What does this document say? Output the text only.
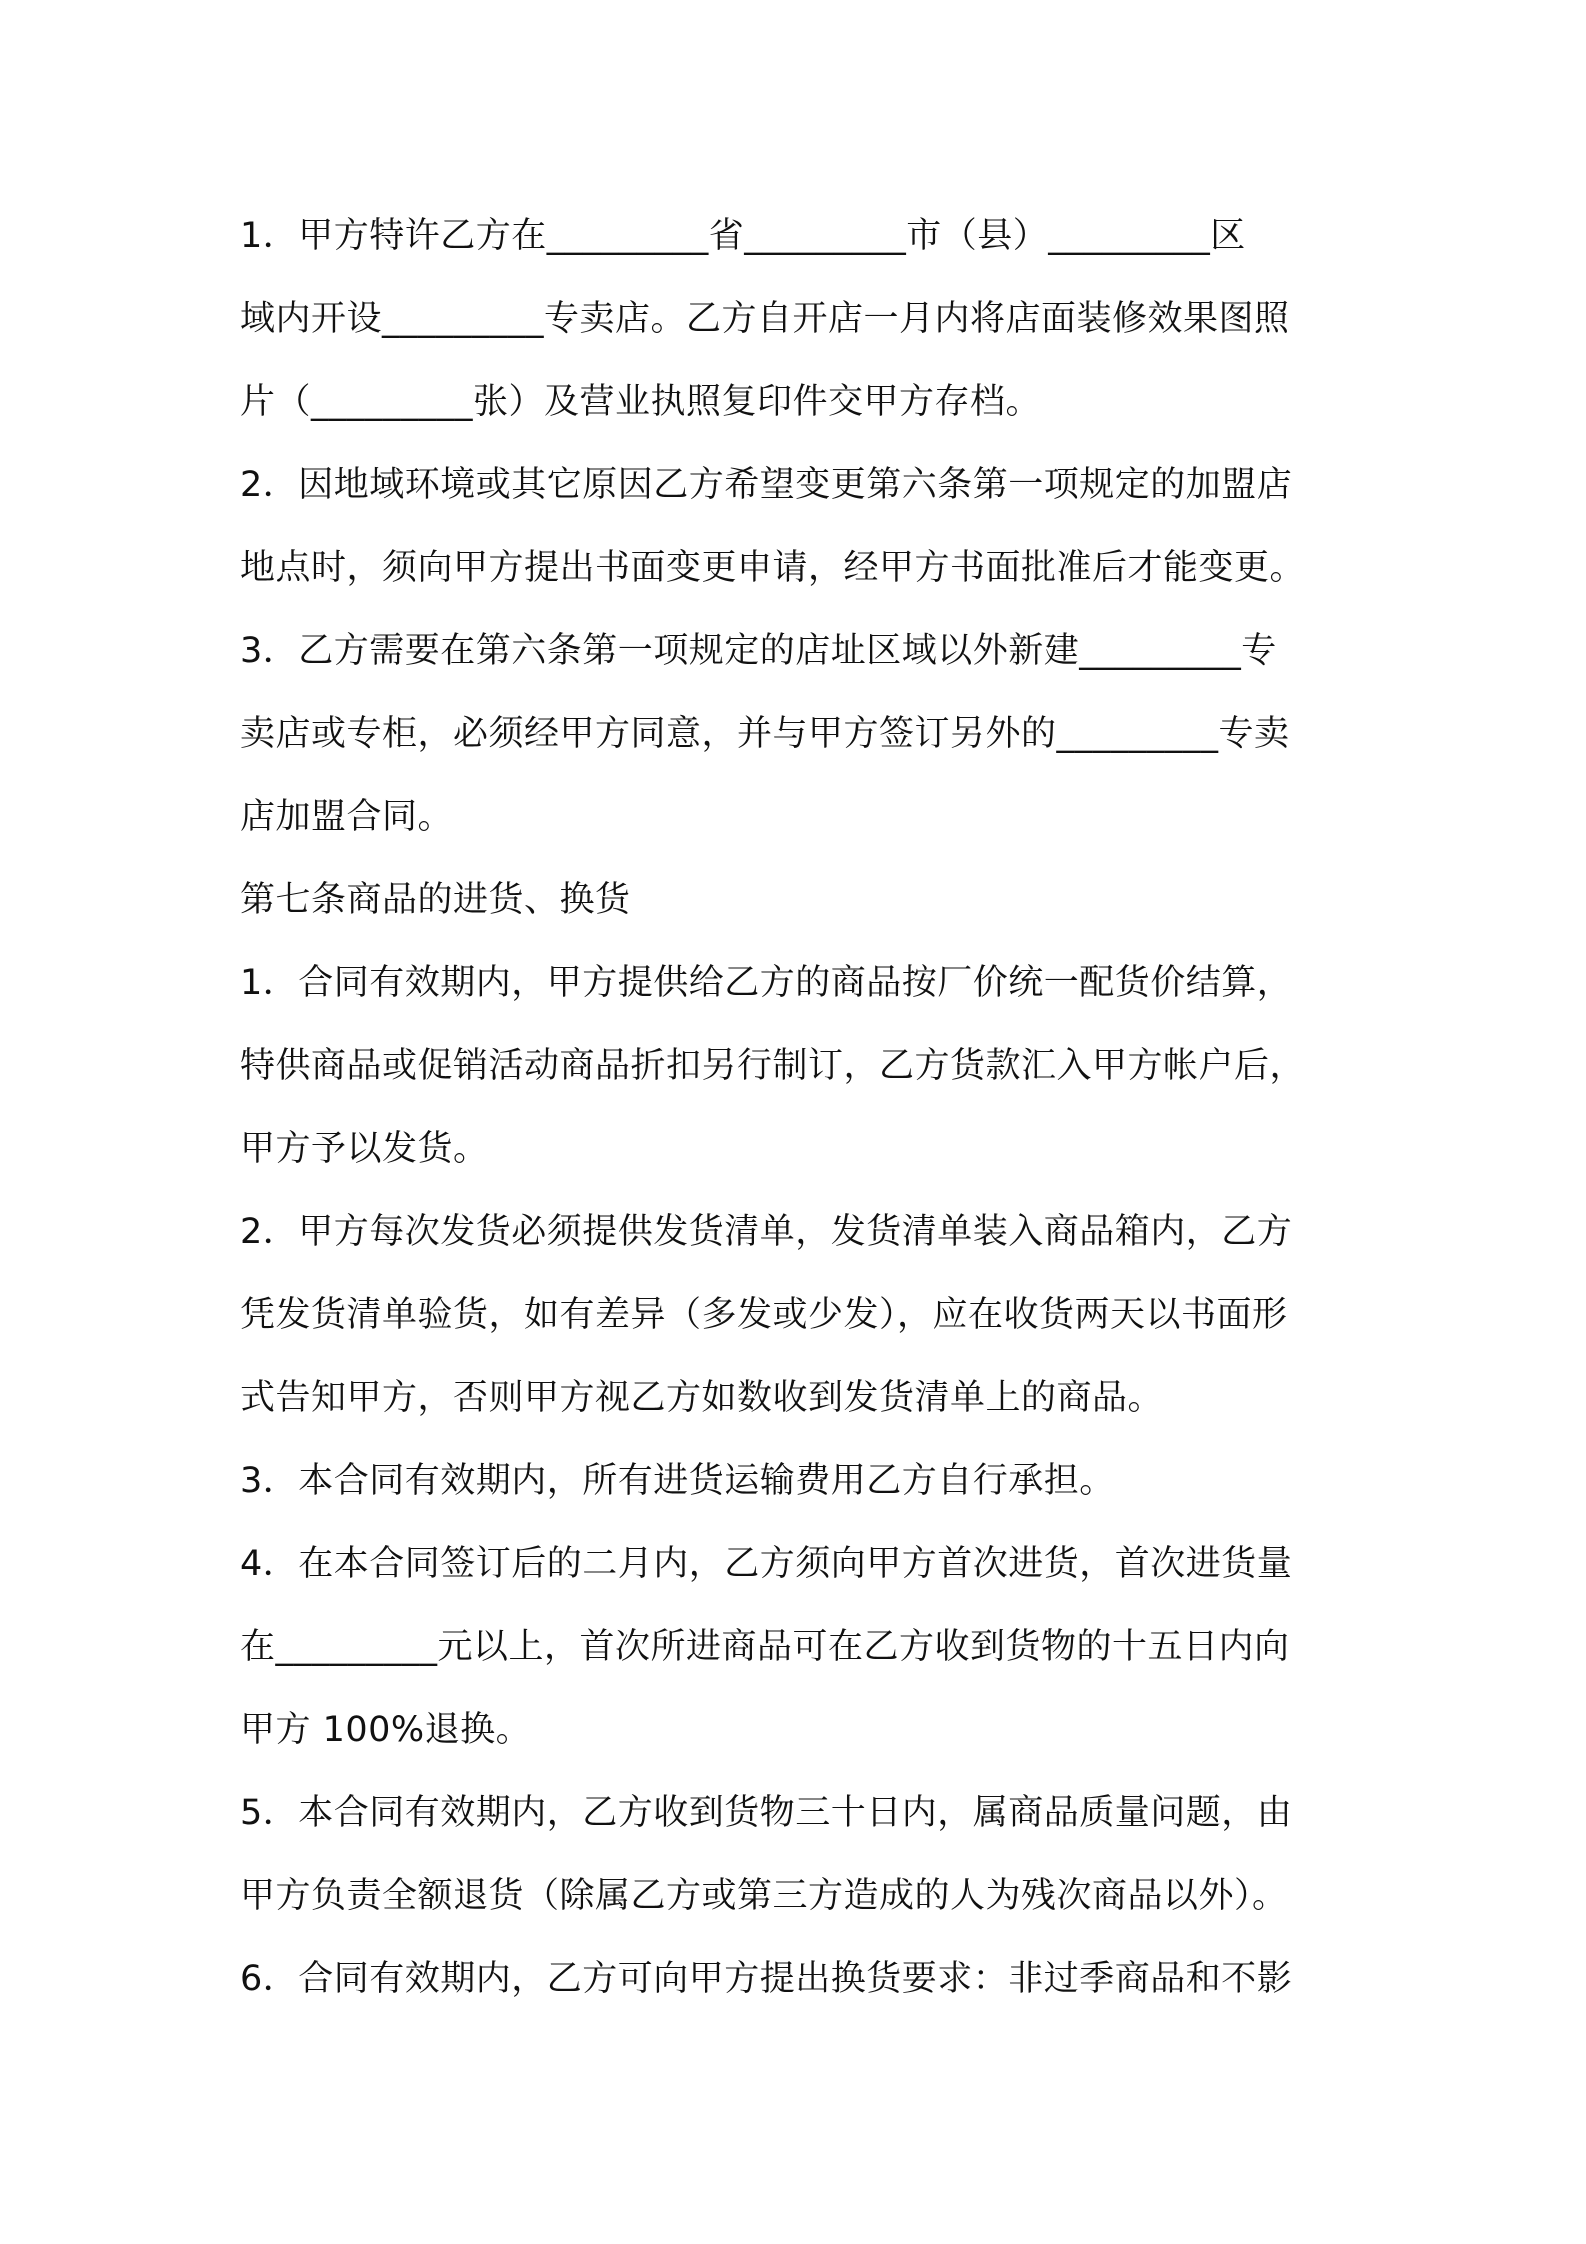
1．甲方特许乙方在_________省_________市（县）_________区
域内开设_________专卖店。乙方自开店一月内将店面装修效果图照
片（_________张）及营业执照复印件交甲方存档。
2．因地域环境或其它原因乙方希望变更第六条第一项规定的加盟店
地点时，须向甲方提出书面变更申请，经甲方书面批准后才能变更。
3．乙方需要在第六条第一项规定的店址区域以外新建_________专
卖店或专柜，必须经甲方同意，并与甲方签订另外的_________专卖
店加盟合同。
第七条商品的进货、换货
1．合同有效期内，甲方提供给乙方的商品按厂价统一配货价结算，
特供商品或促销活动商品折扣另行制订，乙方货款汇入甲方帐户后，
甲方予以发货。
2．甲方每次发货必须提供发货清单，发货清单装入商品箱内，乙方
凭发货清单验货，如有差异（多发或少发），应在收货两天以书面形
式告知甲方，否则甲方视乙方如数收到发货清单上的商品。
3．本合同有效期内，所有进货运输费用乙方自行承担。
4．在本合同签订后的二月内，乙方须向甲方首次进货，首次进货量
在_________元以上，首次所进商品可在乙方收到货物的十五日内向
甲方 100%退换。
5．本合同有效期内，乙方收到货物三十日内，属商品质量问题，由
甲方负责全额退货（除属乙方或第三方造成的人为残次商品以外）。
6．合同有效期内，乙方可向甲方提出换货要求：非过季商品和不影
